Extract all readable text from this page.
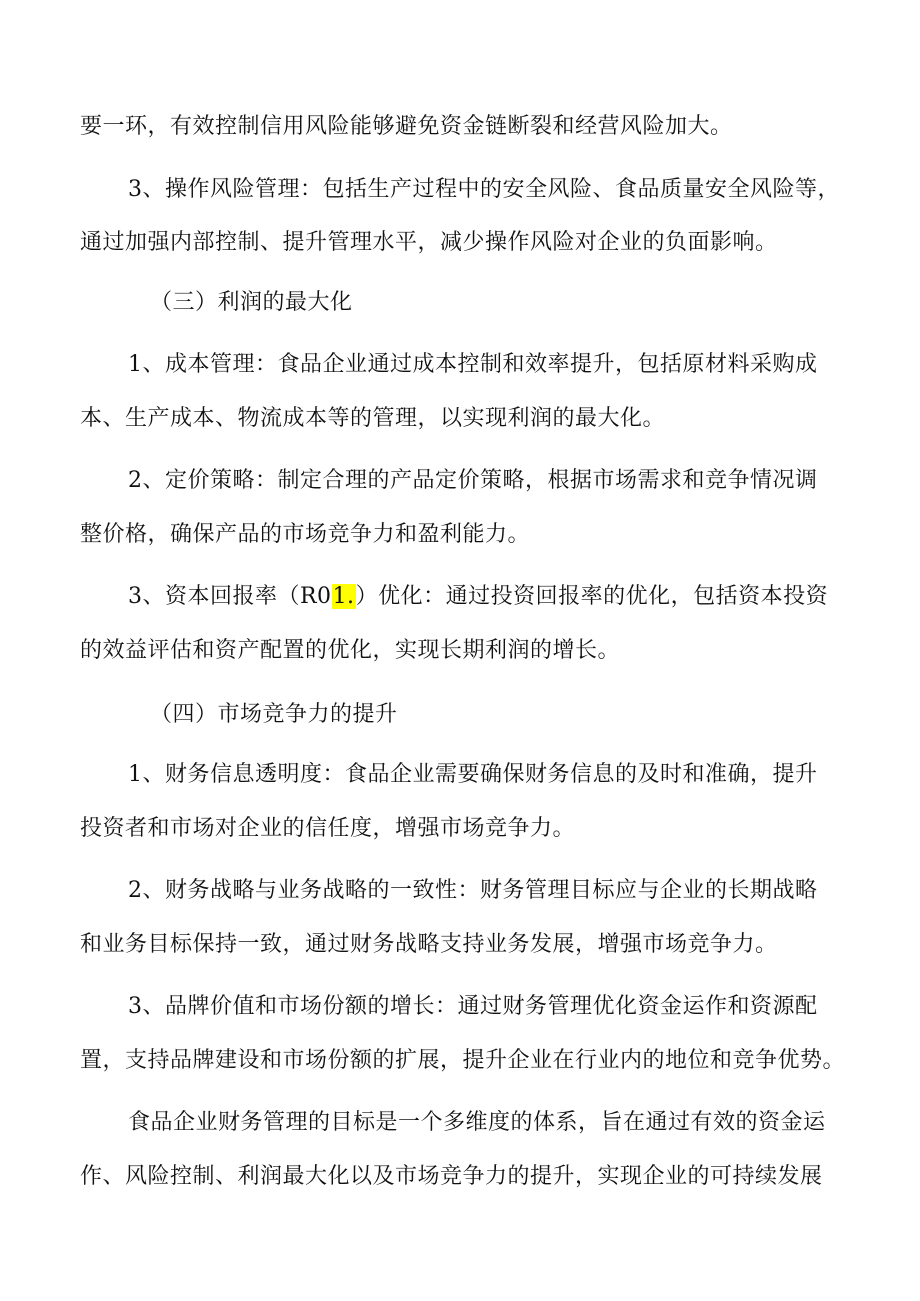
要一环，有效控制信用风险能够避免资金链断裂和经营风险加大。
3、操作风险管理：包括生产过程中的安全风险、食品质量安全风险等，
通过加强内部控制、提升管理水平，减少操作风险对企业的负面影响。
（三）利润的最大化
1、成本管理：食品企业通过成本控制和效率提升，包括原材料采购成
本、生产成本、物流成本等的管理，以实现利润的最大化。
2、定价策略：制定合理的产品定价策略，根据市场需求和竞争情况调
整价格，确保产品的市场竞争力和盈利能力。
3、资本回报率（R01.）优化：通过投资回报率的优化，包括资本投资
的效益评估和资产配置的优化，实现长期利润的增长。
（四）市场竞争力的提升
1、财务信息透明度：食品企业需要确保财务信息的及时和准确，提升
投资者和市场对企业的信任度，增强市场竞争力。
2、财务战略与业务战略的一致性：财务管理目标应与企业的长期战略
和业务目标保持一致，通过财务战略支持业务发展，增强市场竞争力。
3、品牌价值和市场份额的增长：通过财务管理优化资金运作和资源配
置，支持品牌建设和市场份额的扩展，提升企业在行业内的地位和竞争优势。
食品企业财务管理的目标是一个多维度的体系，旨在通过有效的资金运
作、风险控制、利润最大化以及市场竞争力的提升，实现企业的可持续发展
